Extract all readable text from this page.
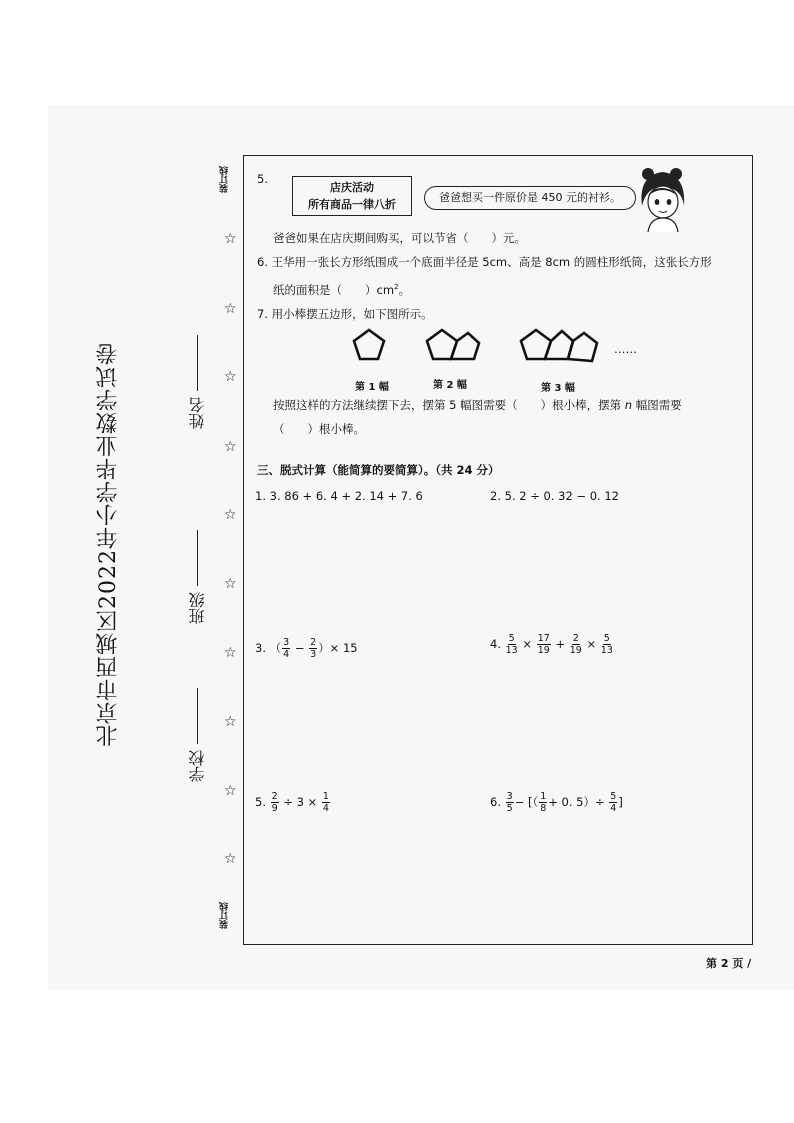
北京市西城区2022年小学毕业数学试卷
学校
班级
姓名
装订线
装订线
☆
☆
☆
☆
☆
☆
☆
☆
☆
☆
5.
店庆活动
所有商品一律八折
爸爸想买一件原价是 450 元的衬衫。
爸爸如果在店庆期间购买，可以节省（　　）元。
6. 王华用一张长方形纸围成一个底面半径是 5cm、高是 8cm 的圆柱形纸筒，这张长方形
纸的面积是（　　）$cm^2$。
7. 用小棒摆五边形，如下图所示。
……
第 1 幅	第 2 幅	第 3 幅
按照这样的方法继续摆下去，摆第 5 幅图需要（　　）根小棒，摆第 n 幅图需要
（　　）根小棒。
三、脱式计算（能简算的要简算）。（共 24 分）
1. 3. 86 + 6. 4 + 2. 14 + 7. 6	2. 5. 2 ÷ 0. 32 − 0. 12
3. （ $\frac{3}{4} - \frac{2}{3}$ ）× 15	4. $\frac{5}{13} \times \frac{17}{19} + \frac{2}{19} \times \frac{5}{13}$
5. $\frac{2}{9} \div 3 \times \frac{1}{4}$	6. $\frac{3}{5}$ − [（ $\frac{1}{8} + 0$. $5)\div \frac{5}{4}$ ]
第 2 页 /
